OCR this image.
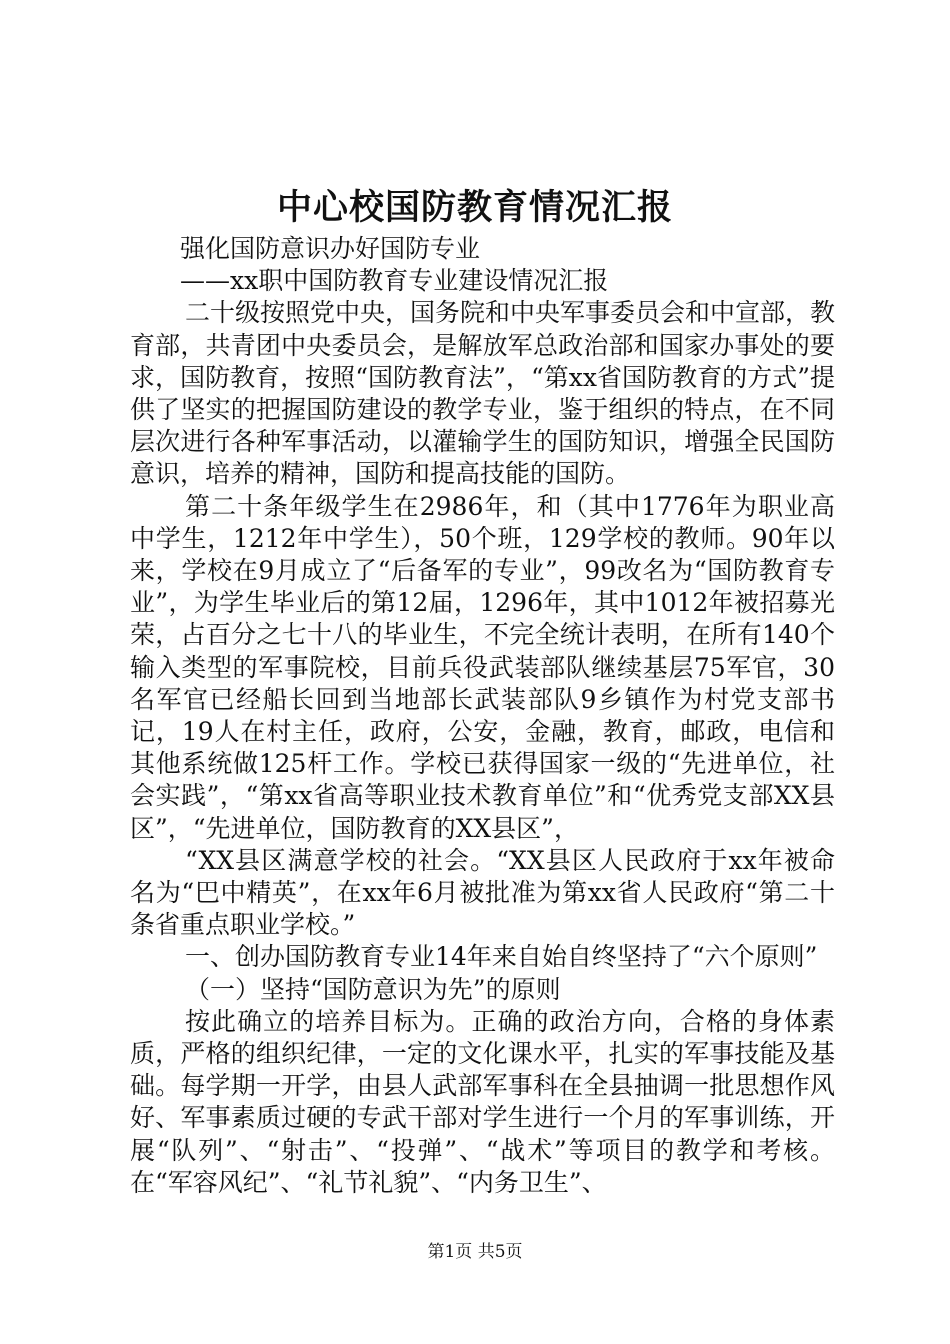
中心校国防教育情况汇报

强化国防意识办好国防专业

——xx职中国防教育专业建设情况汇报

二十级按照党中央，国务院和中央军事委员会和中宣部，教育部，共青团中央委员会，是解放军总政治部和国家办事处的要求，国防教育，按照“国防教育法”，“第xx省国防教育的方式”提供了坚实的把握国防建设的教学专业，鉴于组织的特点，在不同层次进行各种军事活动，以灌输学生的国防知识，增强全民国防意识，培养的精神，国防和提高技能的国防。

第二十条年级学生在2986年，和（其中1776年为职业高中学生，1212年中学生），50个班，129学校的教师。90年以来，学校在9月成立了“后备军的专业”，99改名为“国防教育专业”，为学生毕业后的第12届，1296年，其中1012年被招募光荣，占百分之七十八的毕业生，不完全统计表明，在所有140个输入类型的军事院校，目前兵役武装部队继续基层75军官，30名军官已经船长回到当地部长武装部队9乡镇作为村党支部书记，19人在村主任，政府，公安，金融，教育，邮政，电信和其他系统做125杆工作。学校已获得国家一级的“先进单位，社会实践”，“第xx省高等职业技术教育单位”和“优秀党支部XX县区”，“先进单位，国防教育的XX县区”，

“XX县区满意学校的社会。“XX县区人民政府于xx年被命名为“巴中精英”，在xx年6月被批准为第xx省人民政府“第二十条省重点职业学校。”

一、创办国防教育专业14年来自始自终坚持了“六个原则”

（一）坚持“国防意识为先”的原则

按此确立的培养目标为。正确的政治方向，合格的身体素质，严格的组织纪律，一定的文化课水平，扎实的军事技能及基础。每学期一开学，由县人武部军事科在全县抽调一批思想作风好、军事素质过硬的专武干部对学生进行一个月的军事训练，开展“队列”、“射击”、“投弹”、“战术”等项目的教学和考核。在“军容风纪”、“礼节礼貌”、“内务卫生”、

第1页 共5页
